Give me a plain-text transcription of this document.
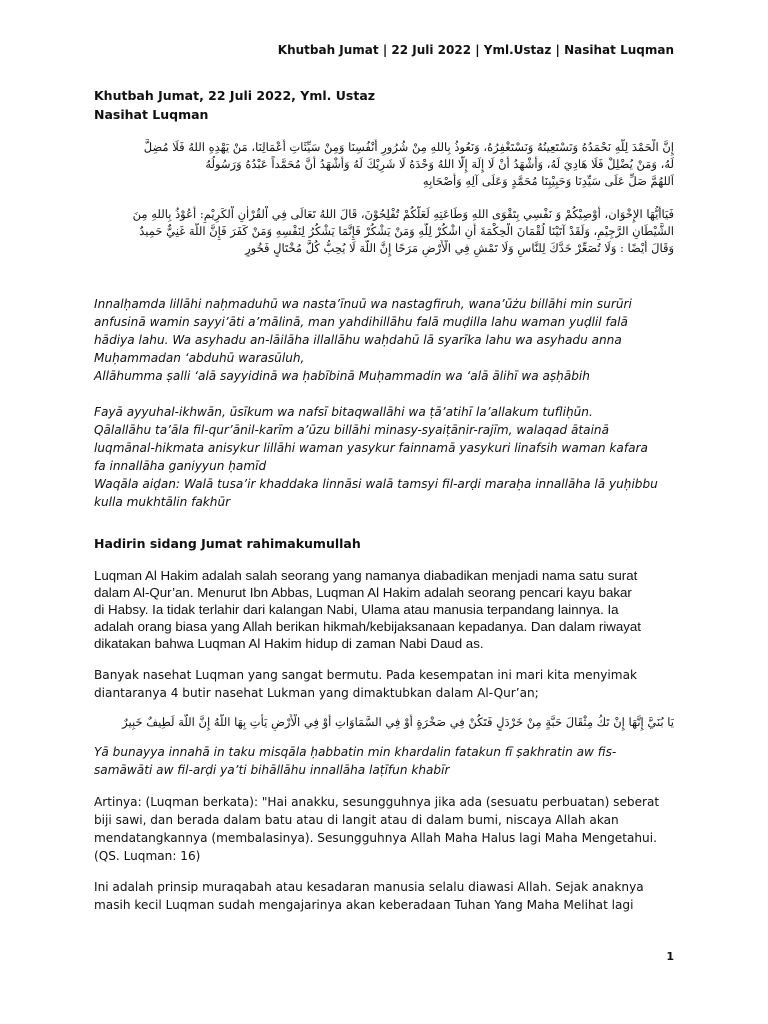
Khutbah Jumat | 22 Juli 2022 | Yml.Ustaz | Nasihat Luqman
Khutbah Jumat, 22 Juli 2022, Yml. Ustaz
Nasihat Luqman
إِنَّ الْحَمْدَ لِلَّهِ نَحْمَدُهُ وَنَسْتَعِينُهُ وَنَسْتَغْفِرُهُ، وَنَعُوذُ بِاللهِ مِنْ شُرُورِ أَنْفُسِنَا وَمِنْ سَيِّئَاتِ أَعْمَالِنَا، مَنْ يَهْدِهِ اللهُ فَلَا مُضِلَّ
لَهُ، وَمَنْ يُضْلِلْ فَلَا هَادِيَ لَهُ، وَأَشْهَدُ أَنْ لَا إِلَهَ إِلَّا اللهُ وَحْدَهُ لَا شَرِيْكَ لَهُ وَأَشْهَدُ أَنَّ مُحَمَّداً عَبْدُهُ وَرَسُولُهُ
اَللهُمَّ صَلِّ عَلَى سَيِّدِنَا وَحَبِيْبِنَا مُحَمَّدٍ وَعَلَى آلِهِ وَأَصْحَابِهِ
فَيَاأَيُّهَا الإِخْوَان، أُوْصِيْكُمْ وَ نَفْسِي بِتَقْوَى اللهِ وَطَاعَتِهِ لَعَلَّكُمْ تُفْلِحُوْنَ، قَالَ اللهُ تَعَالَى فِي اْلقُرْاٰنِ اْلكَرِيْمِ: أَعُوْذُ بِاللهِ مِنَ
الشَّيْطَانِ الرَّجِيْمِ، وَلَقَدْ آتَيْنَا لُقْمَانَ الْحِكْمَةَ أَنِ اشْكُرْ لِلَّهِ وَمَنْ يَشْكُرْ فَإِنَّمَا يَشْكُرُ لِنَفْسِهِ وَمَنْ كَفَرَ فَإِنَّ اللَّهَ غَنِيٌّ حَمِيدٌ
وَقَالَ أَيْضًا : وَلَا تُصَعِّرْ خَدَّكَ لِلنَّاسِ وَلَا تَمْشِ فِي الْأَرْضِ مَرَحًا إِنَّ اللَّهَ لَا يُحِبُّ كُلَّ مُخْتَالٍ فَخُورٍ
Innalḥamda lillāhi naḥmaduhū wa nasta’īnuū wa nastagfiruh, wana’ūżu billāhi min surūri
anfusinā wamin sayyi’āti a’mālinā, man yahdihillāhu falā muḍilla lahu waman yuḍlil falā
hādiya lahu. Wa asyhadu an-lāilāha illallāhu waḥdahū lā syarīka lahu wa asyhadu anna
Muḥammadan ‘abduhū warasūluh,
Allāhumma ṣalli ‘alā sayyidinā wa ḥabībinā Muḥammadin wa ‘alā ālihī wa aṣḥābih
Fayā ayyuhal-ikhwān, ūsīkum wa nafsī bitaqwallāhi wa ṭā’atihī la’allakum tufliḥūn.
Qālallāhu ta’āla fil-qur’ānil-karīm a’ūzu billāhi minasy-syaiṭānir-rajīm, walaqad ātainā
luqmānal-hikmata anisykur lillāhi waman yasykur fainnamā yasykuri linafsih waman kafara
fa innallāha ganiyyun ḥamīd
Waqāla aiḍan: Walā tusa’ir khaddaka linnāsi walā tamsyi fil-arḍi maraḥa innallāha lā yuḥibbu
kulla mukhtālin fakhūr
Hadirin sidang Jumat rahimakumullah
Luqman Al Hakim adalah salah seorang yang namanya diabadikan menjadi nama satu surat
dalam Al-Qur’an. Menurut Ibn Abbas, Luqman Al Hakim adalah seorang pencari kayu bakar
di Habsy. Ia tidak terlahir dari kalangan Nabi, Ulama atau manusia terpandang lainnya. Ia
adalah orang biasa yang Allah berikan hikmah/kebijaksanaan kepadanya. Dan dalam riwayat
dikatakan bahwa Luqman Al Hakim hidup di zaman Nabi Daud as.
Banyak nasehat Luqman yang sangat bermutu. Pada kesempatan ini mari kita menyimak
diantaranya 4 butir nasehat Lukman yang dimaktubkan dalam Al-Qur’an;
يَا بُنَيَّ إِنَّهَا إِنْ تَكُ مِثْقَالَ حَبَّةٍ مِنْ خَرْدَلٍ فَتَكُنْ فِي صَخْرَةٍ أَوْ فِي السَّمَاوَاتِ أَوْ فِي الْأَرْضِ يَأْتِ بِهَا اللَّهُ إِنَّ اللَّهَ لَطِيفٌ خَبِيرٌ
Yā bunayya innahā in taku misqāla ḥabbatin min khardalin fatakun fī ṣakhratin aw fis-
samāwāti aw fil-arḍi ya’ti bihāllāhu innallāha laṭīfun khabīr
Artinya: (Luqman berkata): "Hai anakku, sesungguhnya jika ada (sesuatu perbuatan) seberat
biji sawi, dan berada dalam batu atau di langit atau di dalam bumi, niscaya Allah akan
mendatangkannya (membalasinya). Sesungguhnya Allah Maha Halus lagi Maha Mengetahui.
(QS. Luqman: 16)
Ini adalah prinsip muraqabah atau kesadaran manusia selalu diawasi Allah. Sejak anaknya
masih kecil Luqman sudah mengajarinya akan keberadaan Tuhan Yang Maha Melihat lagi
1
